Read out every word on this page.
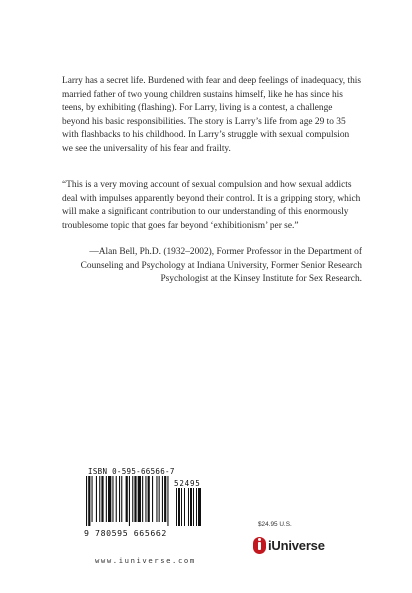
Larry has a secret life. Burdened with fear and deep feelings of inadequacy, this married father of two young children sustains himself, like he has since his teens, by exhibiting (flashing). For Larry, living is a contest, a challenge beyond his basic responsibilities. The story is Larry’s life from age 29 to 35 with flashbacks to his childhood. In Larry’s struggle with sexual compulsion we see the universality of his fear and frailty.

“This is a very moving account of sexual compulsion and how sexual addicts deal with impulses apparently beyond their control. It is a gripping story, which will make a significant contribution to our understanding of this enormously troublesome topic that goes far beyond ‘exhibitionism’ per se.”

—Alan Bell, Ph.D. (1932–2002), Former Professor in the Department of
Counseling and Psychology at Indiana University, Former Senior Research
Psychologist at the Kinsey Institute for Sex Research.
ISBN 0-595-66566-7
52495
9 780595 665662
www.iuniverse.com
$24.95 U.S.
iUniverse
